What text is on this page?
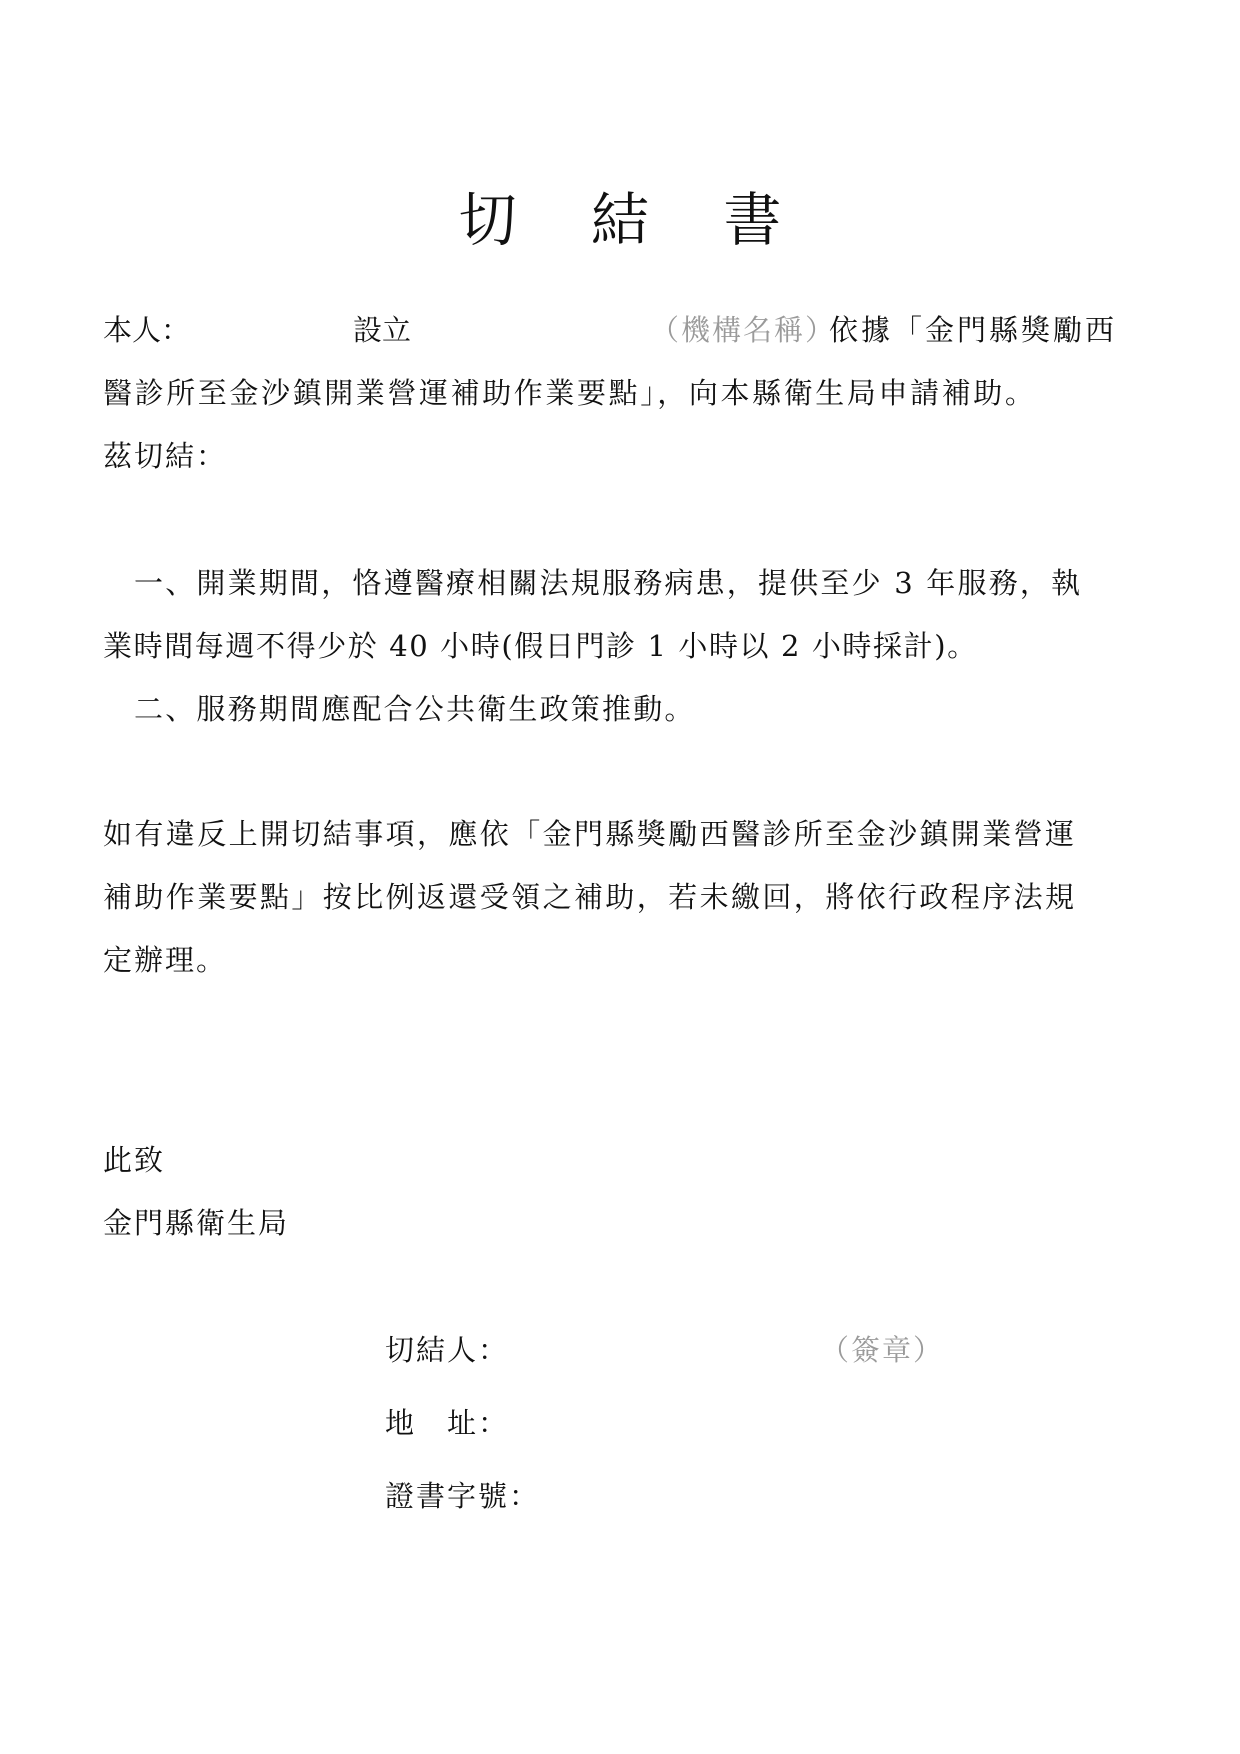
切 結 書
本人：	設立	（機構名稱）
依據「金門縣獎勵西
醫診所至金沙鎮開業營運補助作業要點」，向本縣衛生局申請補助。
茲切結：
一、開業期間，恪遵醫療相關法規服務病患，提供至少 3 年服務，執
業時間每週不得少於 40 小時(假日門診 1 小時以 2 小時採計)。
二、服務期間應配合公共衛生政策推動。
如有違反上開切結事項，應依「金門縣獎勵西醫診所至金沙鎮開業營運
補助作業要點」按比例返還受領之補助，若未繳回，將依行政程序法規
定辦理。
此致
金門縣衛生局
切結人：	（簽章）
地　址：
證書字號：
